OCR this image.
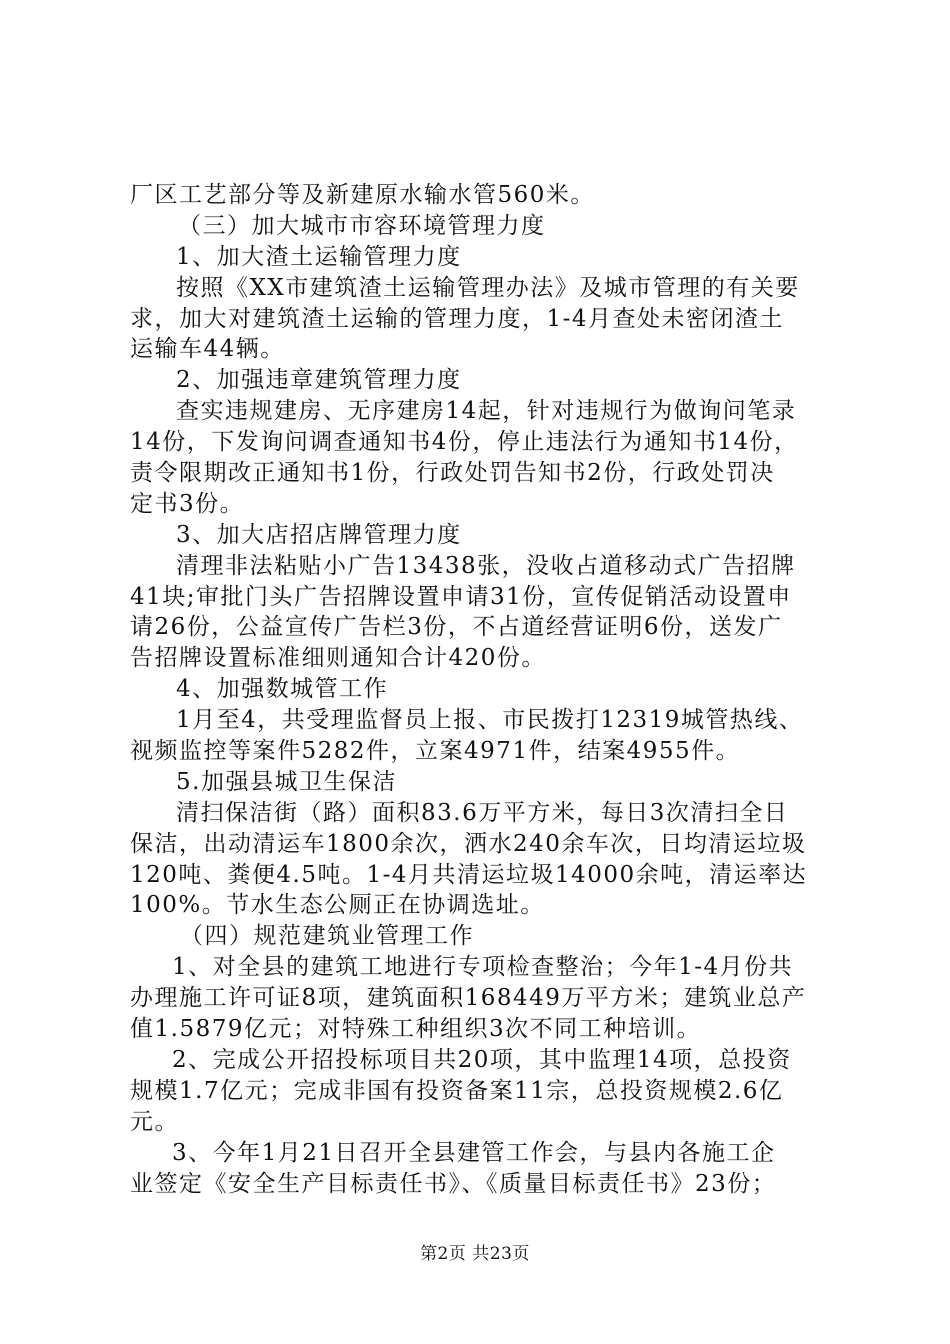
厂区工艺部分等及新建原水输水管560米。
（三）加大城市市容环境管理力度
1、加大渣土运输管理力度
按照《XX市建筑渣土运输管理办法》及城市管理的有关要
求，加大对建筑渣土运输的管理力度，1-4月查处未密闭渣土
运输车44辆。
2、加强违章建筑管理力度
查实违规建房、无序建房14起，针对违规行为做询问笔录
14份，下发询问调查通知书4份，停止违法行为通知书14份，
责令限期改正通知书1份，行政处罚告知书2份，行政处罚决
定书3份。
3、加大店招店牌管理力度
清理非法粘贴小广告13438张，没收占道移动式广告招牌
41块;审批门头广告招牌设置申请31份，宣传促销活动设置申
请26份，公益宣传广告栏3份，不占道经营证明6份，送发广
告招牌设置标准细则通知合计420份。
4、加强数城管工作
1月至4，共受理监督员上报、市民拨打12319城管热线、
视频监控等案件5282件，立案4971件，结案4955件。
5.加强县城卫生保洁
清扫保洁街（路）面积83.6万平方米，每日3次清扫全日
保洁，出动清运车1800余次，洒水240余车次，日均清运垃圾
120吨、粪便4.5吨。1-4月共清运垃圾14000余吨，清运率达
100%。节水生态公厕正在协调选址。
（四）规范建筑业管理工作
1、对全县的建筑工地进行专项检查整治；今年1-4月份共
办理施工许可证8项，建筑面积168449万平方米；建筑业总产
值1.5879亿元；对特殊工种组织3次不同工种培训。
2、完成公开招投标项目共20项，其中监理14项，总投资
规模1.7亿元；完成非国有投资备案11宗，总投资规模2.6亿
元。
3、今年1月21日召开全县建管工作会，与县内各施工企
业签定《安全生产目标责任书》、《质量目标责任书》23份；
第2页 共23页
